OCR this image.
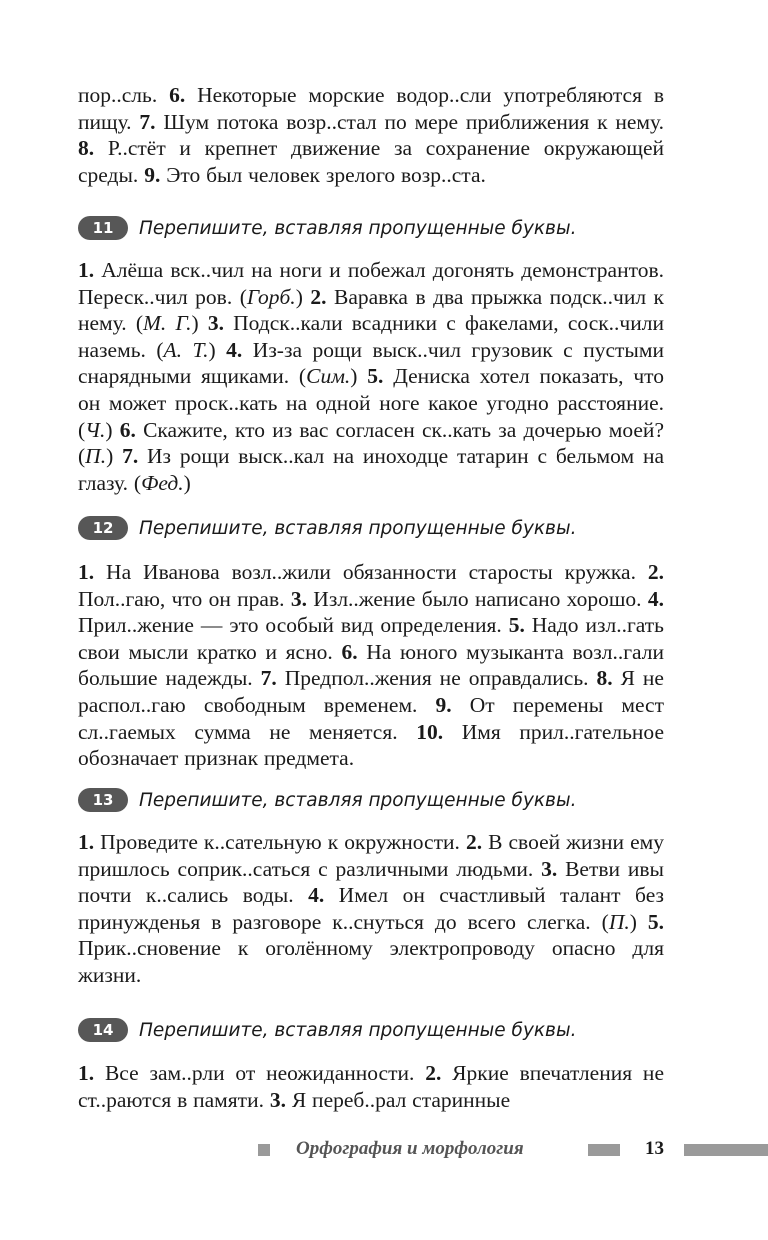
пор..сль. 6. Некоторые морские водор..сли употребляются в пищу. 7. Шум потока возр..стал по мере приближения к нему. 8. Р..стёт и крепнет движение за сохранение окружающей среды. 9. Это был человек зрелого возр..ста.

11	Перепишите, вставляя пропущенные буквы.

1. Алёша вск..чил на ноги и побежал догонять демонстрантов. Переск..чил ров. (Горб.) 2. Варавка в два прыжка подск..чил к нему. (М. Г.) 3. Подск..кали всадники с факелами, соск..чили наземь. (А. Т.) 4. Из-за рощи выск..чил грузовик с пустыми снарядными ящиками. (Сим.) 5. Дениска хотел показать, что он может проск..кать на одной ноге какое угодно расстояние. (Ч.) 6. Скажите, кто из вас согласен ск..кать за дочерью моей? (П.) 7. Из рощи выск..кал на иноходце татарин с бельмом на глазу. (Фед.)

12	Перепишите, вставляя пропущенные буквы.

1. На Иванова возл..жили обязанности старосты кружка. 2. Пол..гаю, что он прав. 3. Изл..жение было написано хорошо. 4. Прил..жение — это особый вид определения. 5. Надо изл..гать свои мысли кратко и ясно. 6. На юного музыканта возл..гали большие надежды. 7. Предпол..жения не оправдались. 8. Я не распол..гаю свободным временем. 9. От перемены мест сл..гаемых сумма не меняется. 10. Имя прил..гательное обозначает признак предмета.

13	Перепишите, вставляя пропущенные буквы.

1. Проведите к..сательную к окружности. 2. В своей жизни ему пришлось соприк..саться с различными людьми. 3. Ветви ивы почти к..сались воды. 4. Имел он счастливый талант без принужденья в разговоре к..снуться до всего слегка. (П.) 5. Прик..сновение к оголённому электропроводу опасно для жизни.

14	Перепишите, вставляя пропущенные буквы.

1. Все зам..рли от неожиданности. 2. Яркие впечатления не ст..раются в памяти. 3. Я переб..рал старинные

Орфография и морфология	13
